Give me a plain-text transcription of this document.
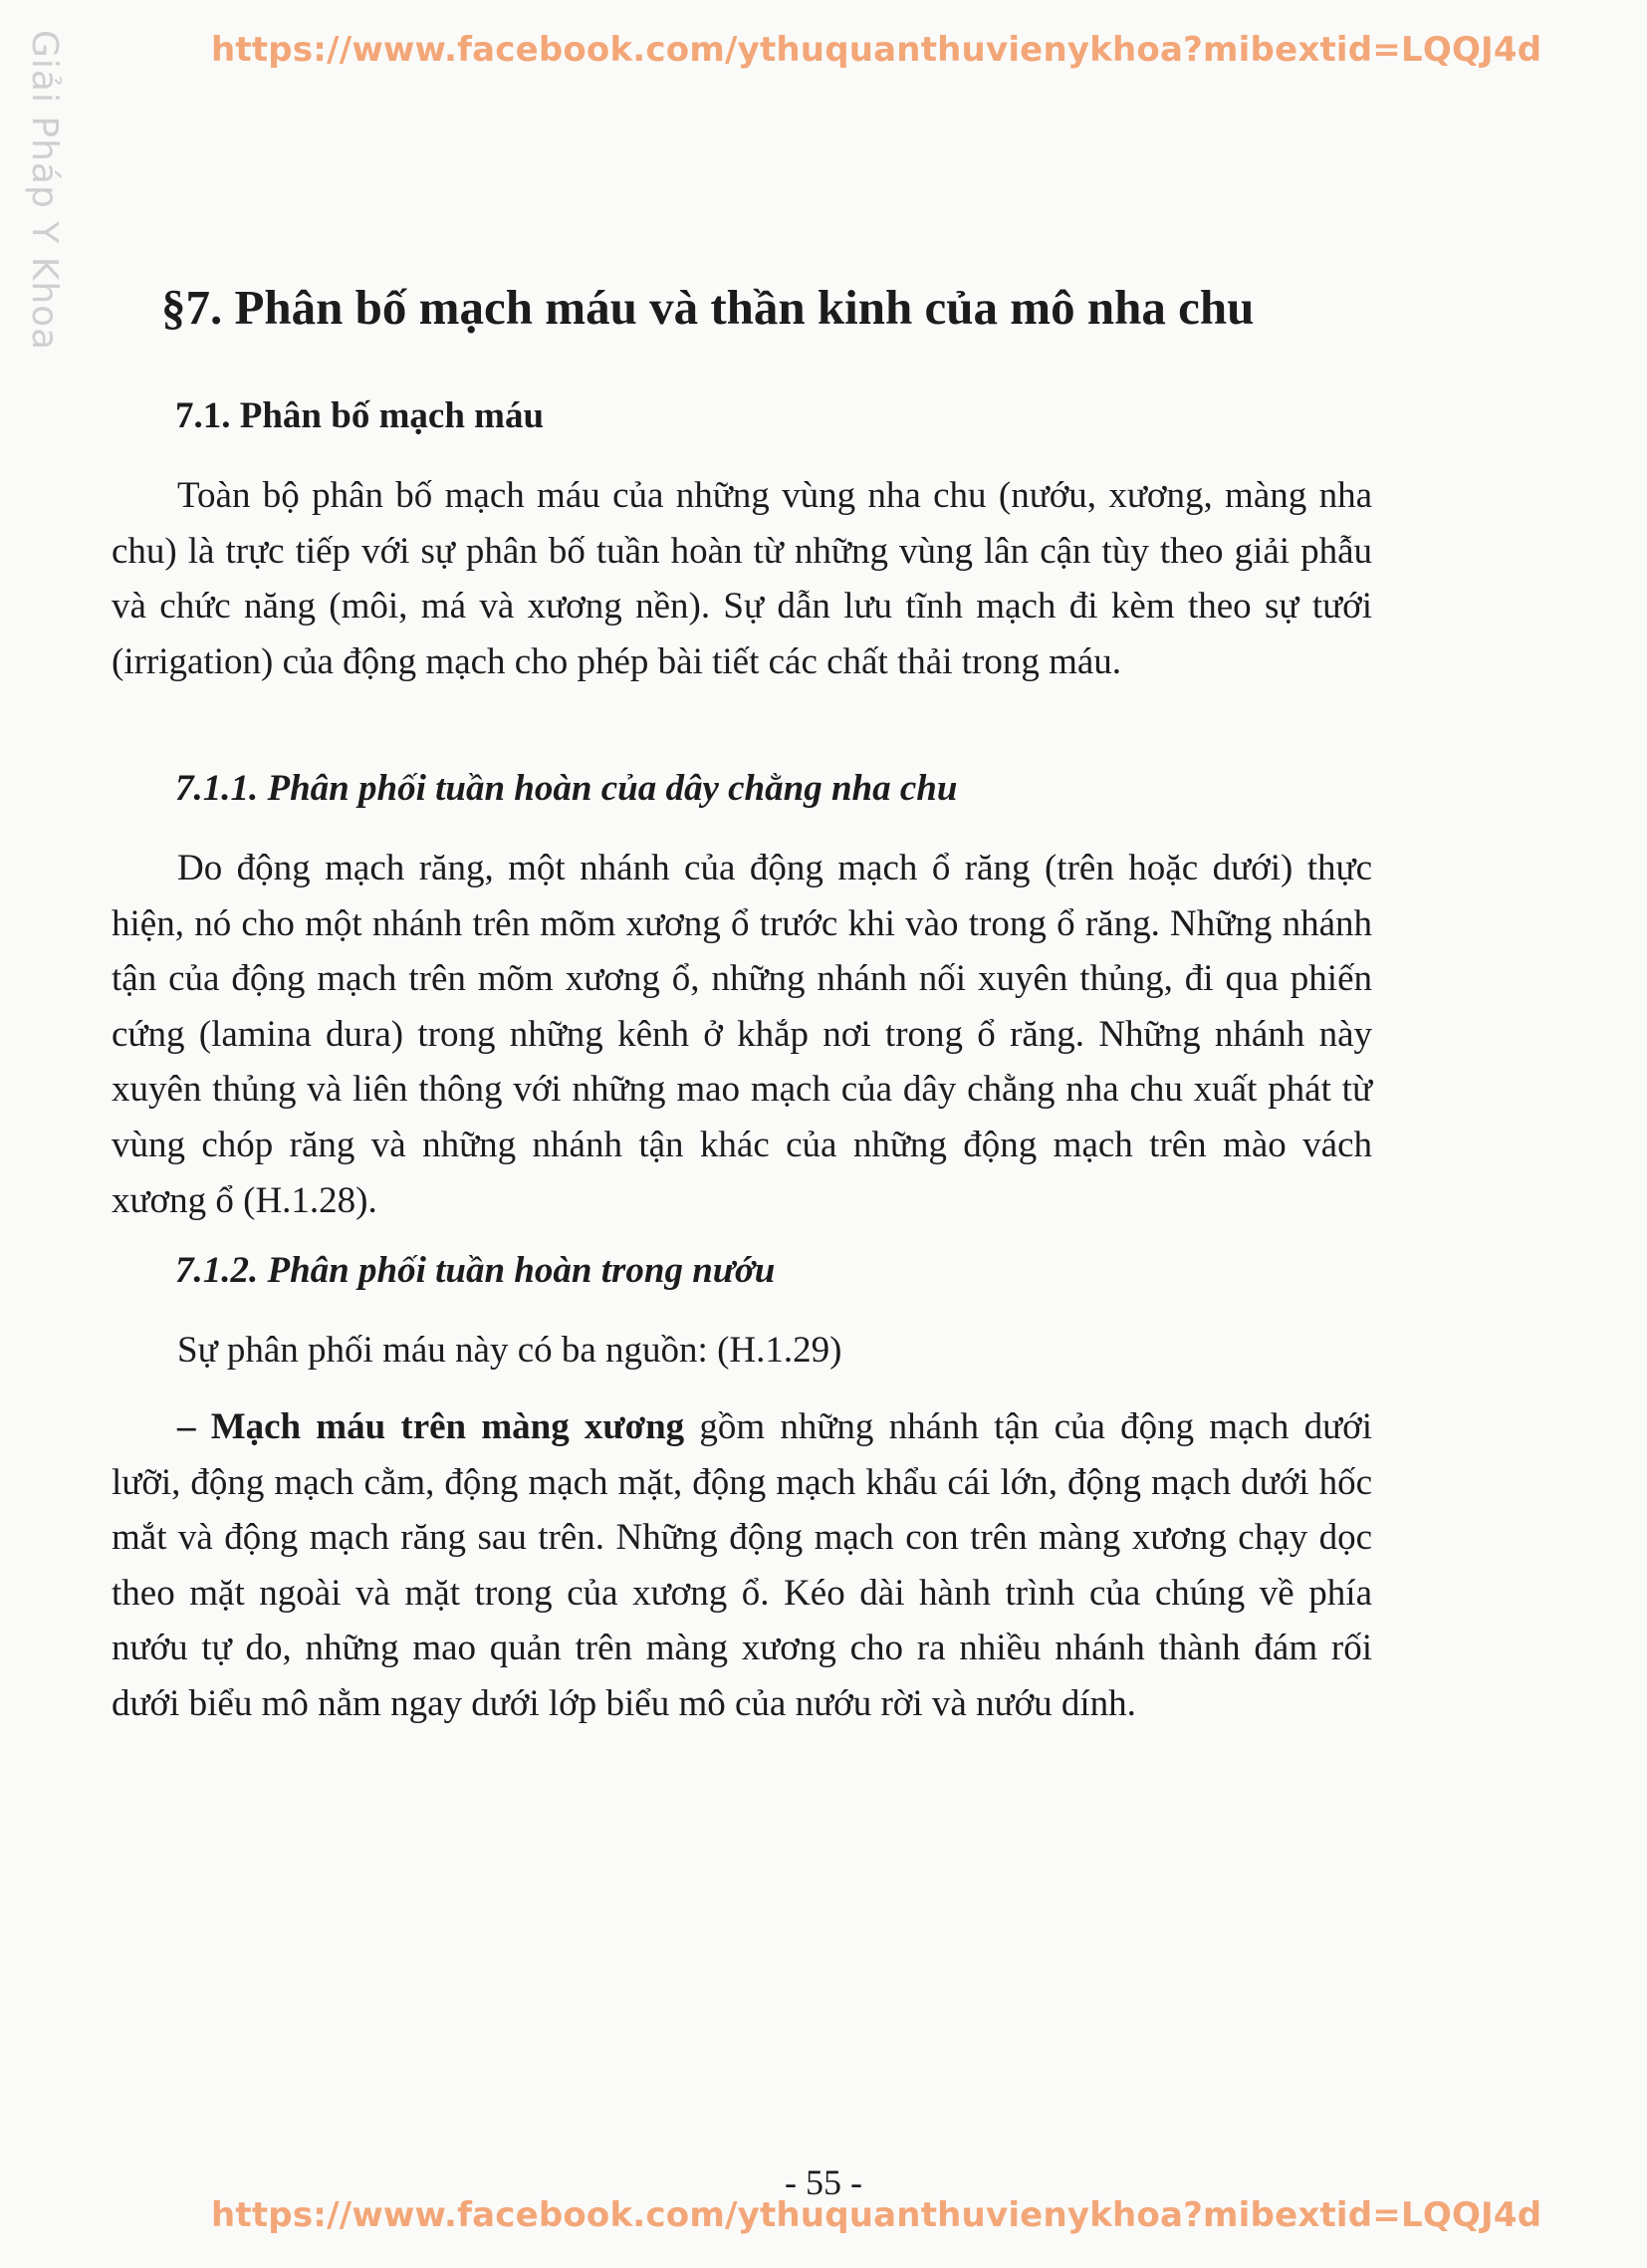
https://www.facebook.com/ythuquanthuvienykhoa?mibextid=LQQJ4d
Giải Pháp Y Khoa §7. Phân bố mạch máu và thần kinh của mô nha chu
7.1. Phân bố mạch máu

Toàn bộ phân bố mạch máu của những vùng nha chu (nướu, xương, màng nha chu) là trực tiếp với sự phân bố tuần hoàn từ những vùng lân cận tùy theo giải phẫu và chức năng (môi, má và xương nền). Sự dẫn lưu tĩnh mạch đi kèm theo sự tưới (irrigation) của động mạch cho phép bài tiết các chất thải trong máu.

7.1.1. Phân phối tuần hoàn của dây chằng nha chu

Do động mạch răng, một nhánh của động mạch ổ răng (trên hoặc dưới) thực hiện, nó cho một nhánh trên mõm xương ổ trước khi vào trong ổ răng. Những nhánh tận của động mạch trên mõm xương ổ, những nhánh nối xuyên thủng, đi qua phiến cứng (lamina dura) trong những kênh ở khắp nơi trong ổ răng. Những nhánh này xuyên thủng và liên thông với những mao mạch của dây chằng nha chu xuất phát từ vùng chóp răng và những nhánh tận khác của những động mạch trên mào vách xương ổ (H.1.28).

7.1.2. Phân phối tuần hoàn trong nướu

Sự phân phối máu này có ba nguồn: (H.1.29)

– Mạch máu trên màng xương gồm những nhánh tận của động mạch dưới lưỡi, động mạch cằm, động mạch mặt, động mạch khẩu cái lớn, động mạch dưới hốc mắt và động mạch răng sau trên. Những động mạch con trên màng xương chạy dọc theo mặt ngoài và mặt trong của xương ổ. Kéo dài hành trình của chúng về phía nướu tự do, những mao quản trên màng xương cho ra nhiều nhánh thành đám rối dưới biểu mô nằm ngay dưới lớp biểu mô của nướu rời và nướu dính.

- 55 -
https://www.facebook.com/ythuquanthuvienykhoa?mibextid=LQQJ4d
